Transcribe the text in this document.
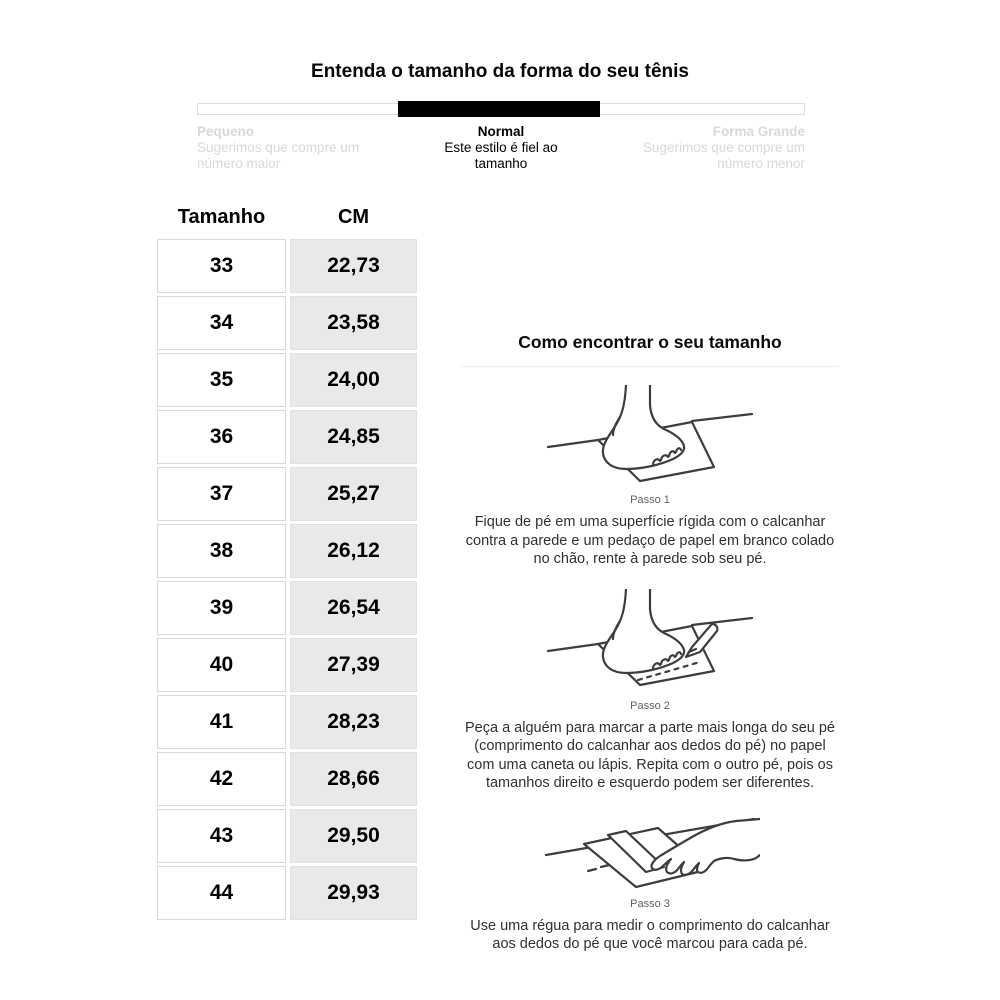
Entenda o tamanho da forma do seu tênis
Pequeno
Sugerimos que compre um número maior
Normal
Este estilo é fiel ao tamanho
Forma Grande
Sugerimos que compre um número menor
Tamanho	CM
33	22,73
34	23,58
35	24,00
36	24,85
37	25,27
38	26,12
39	26,54
40	27,39
41	28,23
42	28,66
43	29,50
44	29,93
Como encontrar o seu tamanho
Passo 1
Fique de pé em uma superfície rígida com o calcanhar contra a parede e um pedaço de papel em branco colado no chão, rente à parede sob seu pé.
Passo 2
Peça a alguém para marcar a parte mais longa do seu pé (comprimento do calcanhar aos dedos do pé) no papel com uma caneta ou lápis. Repita com o outro pé, pois os tamanhos direito e esquerdo podem ser diferentes.
Passo 3
Use uma régua para medir o comprimento do calcanhar aos dedos do pé que você marcou para cada pé.
